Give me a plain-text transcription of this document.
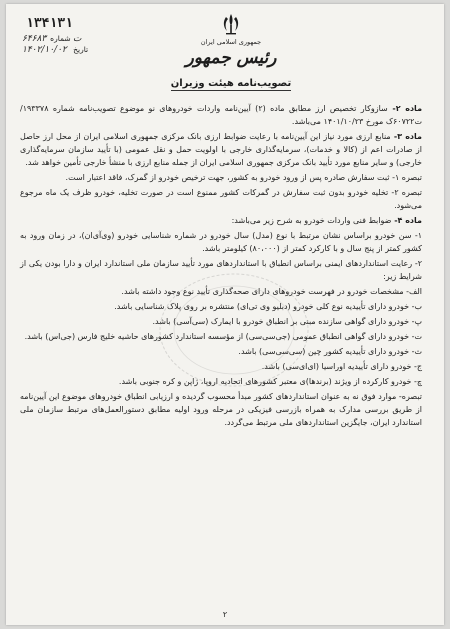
جمهوری اسلامی ایران
رئیس جمهور
تصویب‌نامه هیئت وزیران
۱۳۴۱۳۱
۶۴۶۸۳ت شماره
۱۴۰۲/۱۰/۰۲ تاریخ

ماده ۲- سازوکار تخصیص ارز مطابق ماده (۲) آیین‌نامه واردات خودروهای نو موضوع تصویب‌نامه شماره ۱۹۳۳۷۸/ت۶۰۷۲۲ک مورخ ۱۴۰۱/۱۰/۲۳ می‌باشد.

ماده ۳- منابع ارزی مورد نیاز این آیین‌نامه با رعایت ضوابط ارزی بانک مرکزی جمهوری اسلامی ایران از محل ارز حاصل از صادرات اعم از (کالا و خدمات)، سرمایه‌گذاری خارجی با اولویت حمل و نقل عمومی (با تأیید سازمان سرمایه‌گذاری خارجی) و سایر منابع مورد تأیید بانک مرکزی جمهوری اسلامی ایران از جمله منابع ارزی با منشأ خارجی تأمین خواهد شد.

تبصره ۱- ثبت سفارش صادره پس از ورود خودرو به کشور، جهت ترخیص خودرو از گمرک، فاقد اعتبار است.

تبصره ۲- تخلیه خودرو بدون ثبت سفارش در گمرکات کشور ممنوع است در صورت تخلیه، خودرو ظرف یک ماه مرجوع می‌شود.

ماده ۴- ضوابط فنی واردات خودرو به شرح زیر می‌باشد:

۱- سن خودرو براساس نشان مرتبط با نوع (مدل) سال خودرو در شماره شناسایی خودرو (وی‌آی‌ان)، در زمان ورود به کشور کمتر از پنج سال و با کارکرد کمتر از (۸۰،۰۰۰) کیلومتر باشد.

۲- رعایت استانداردهای ایمنی براساس انطباق با استانداردهای مورد تأیید سازمان ملی استاندارد ایران و دارا بودن یکی از شرایط زیر:

الف- مشخصات خودرو در فهرست خودروهای دارای صحه‌گذاری تأیید نوع وجود داشته باشد.

ب- خودرو دارای تأییدیه نوع کلی خودرو (دبلیو وی تی‌ای) منتشره بر روی پلاک شناسایی باشد.

پ- خودرو دارای گواهی سازنده مبنی بر انطباق خودرو با ایمارک (سی‌آسی) باشد.

ت- خودرو دارای گواهی انطباق عمومی (جی‌سی‌سی) از مؤسسه استاندارد کشورهای حاشیه خلیج فارس (جی‌اس) باشد.

ث- خودرو دارای تأییدیه کشور چین (سی‌سی‌سی) باشد.

ج- خودرو دارای تأییدیه اوراسیا (ای‌ای‌سی) باشد.

چ- خودرو کارکرده از ویژند (برندها)ی معتبر کشورهای اتحادیه اروپا، ژاپن و کره جنوبی باشد.

تبصره- موارد فوق نه به عنوان استانداردهای کشور مبدأ محسوب گردیده و ارزیابی انطباق خودروهای موضوع این آیین‌نامه از طریق بررسی مدارک به همراه بازرسی فیزیکی در مرحله ورود اولیه مطابق دستورالعمل‌های مرتبط سازمان ملی استاندارد ایران، جایگزین استانداردهای ملی مرتبط می‌گردد.

۲
